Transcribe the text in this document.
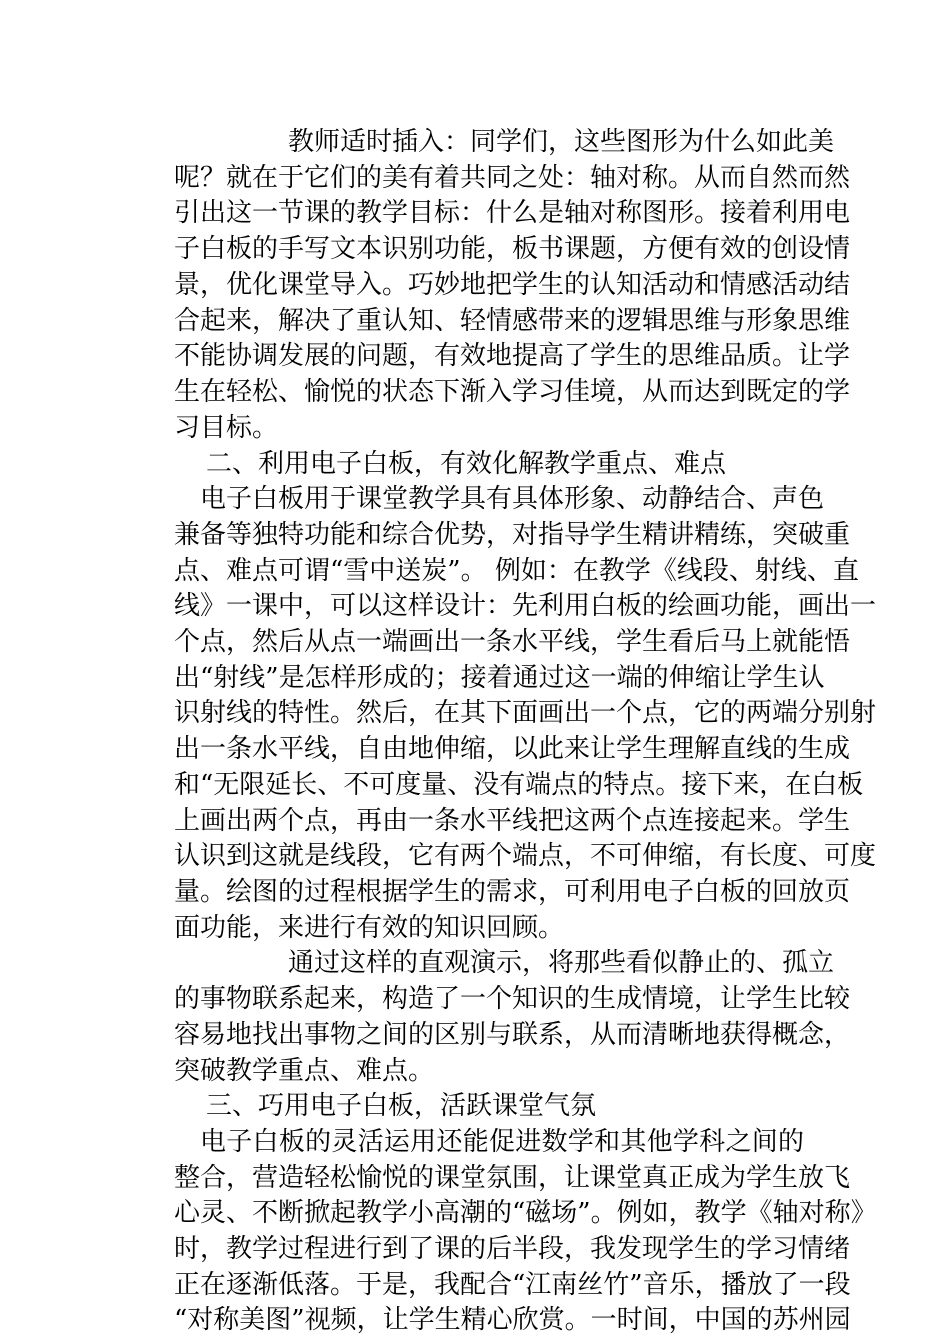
教师适时插入：同学们，这些图形为什么如此美
呢？就在于它们的美有着共同之处：轴对称。从而自然而然
引出这一节课的教学目标：什么是轴对称图形。接着利用电
子白板的手写文本识别功能，板书课题，方便有效的创设情
景，优化课堂导入。巧妙地把学生的认知活动和情感活动结
合起来，解决了重认知、轻情感带来的逻辑思维与形象思维
不能协调发展的问题，有效地提高了学生的思维品质。让学
生在轻松、愉悦的状态下渐入学习佳境，从而达到既定的学
习目标。
二、利用电子白板，有效化解教学重点、难点
电子白板用于课堂教学具有具体形象、动静结合、声色
兼备等独特功能和综合优势，对指导学生精讲精练，突破重
点、难点可谓“雪中送炭”。 例如：在教学《线段、射线、直
线》一课中，可以这样设计：先利用白板的绘画功能，画出一
个点，然后从点一端画出一条水平线，学生看后马上就能悟
出“射线”是怎样形成的；接着通过这一端的伸缩让学生认
识射线的特性。然后，在其下面画出一个点，它的两端分别射
出一条水平线，自由地伸缩，以此来让学生理解直线的生成
和“无限延长、不可度量、没有端点的特点。接下来，在白板
上画出两个点，再由一条水平线把这两个点连接起来。学生
认识到这就是线段，它有两个端点，不可伸缩，有长度、可度
量。绘图的过程根据学生的需求，可利用电子白板的回放页
面功能，来进行有效的知识回顾。
通过这样的直观演示，将那些看似静止的、孤立
的事物联系起来，构造了一个知识的生成情境，让学生比较
容易地找出事物之间的区别与联系，从而清晰地获得概念，
突破教学重点、难点。
三、巧用电子白板，活跃课堂气氛
电子白板的灵活运用还能促进数学和其他学科之间的
整合，营造轻松愉悦的课堂氛围，让课堂真正成为学生放飞
心灵、不断掀起教学小高潮的“磁场”。例如，教学《轴对称》
时，教学过程进行到了课的后半段，我发现学生的学习情绪
正在逐渐低落。于是，我配合“江南丝竹”音乐，播放了一段
“对称美图”视频，让学生精心欣赏。一时间，中国的苏州园
